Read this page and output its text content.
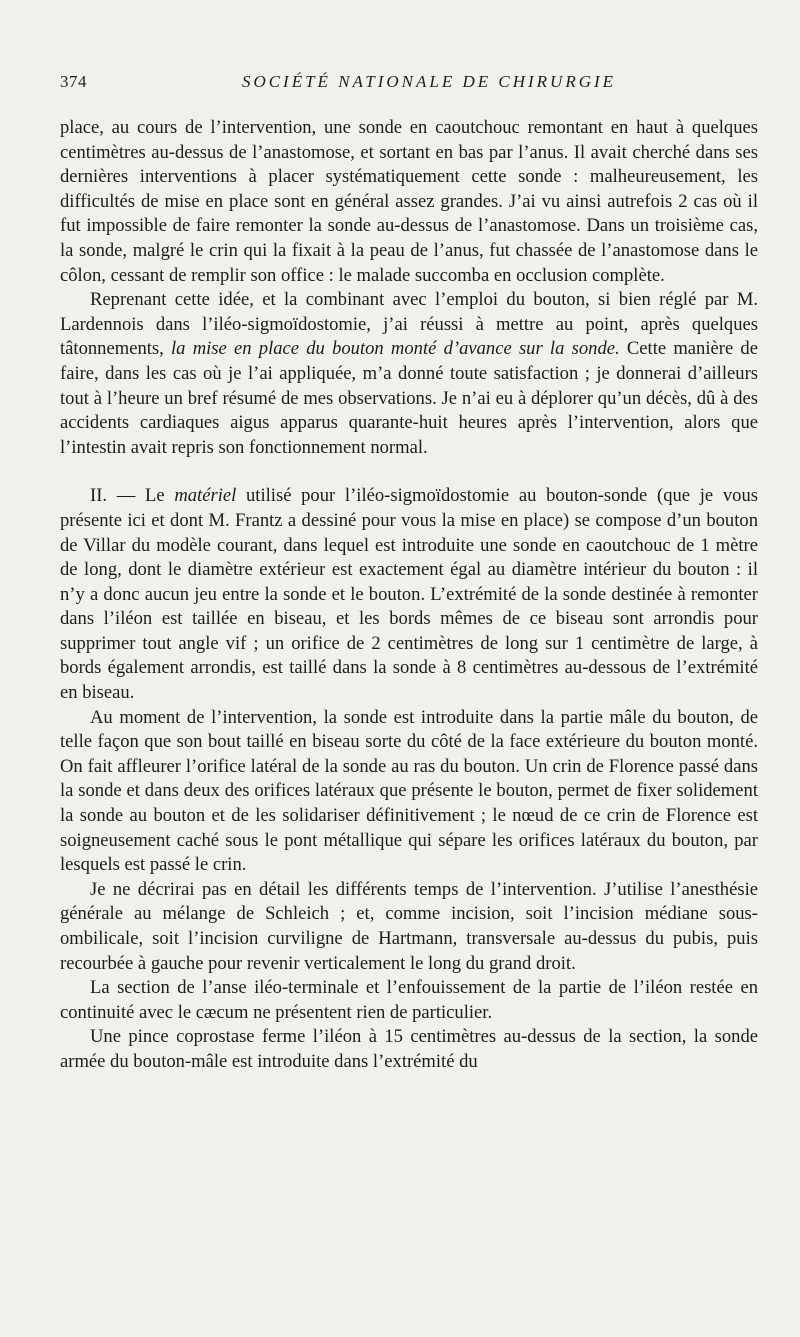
374	SOCIÉTÉ NATIONALE DE CHIRURGIE

place, au cours de l’intervention, une sonde en caoutchouc remontant en haut à quelques centimètres au-dessus de l’anastomose, et sortant en bas par l’anus. Il avait cherché dans ses dernières interventions à placer systématiquement cette sonde : malheureusement, les difficultés de mise en place sont en général assez grandes. J’ai vu ainsi autrefois 2 cas où il fut impossible de faire remonter la sonde au-dessus de l’anastomose. Dans un troisième cas, la sonde, malgré le crin qui la fixait à la peau de l’anus, fut chassée de l’anastomose dans le côlon, cessant de remplir son office : le malade succomba en occlusion complète.

Reprenant cette idée, et la combinant avec l’emploi du bouton, si bien réglé par M. Lardennois dans l’iléo-sigmoïdostomie, j’ai réussi à mettre au point, après quelques tâtonnements, la mise en place du bouton monté d’avance sur la sonde. Cette manière de faire, dans les cas où je l’ai appliquée, m’a donné toute satisfaction ; je donnerai d’ailleurs tout à l’heure un bref résumé de mes observations. Je n’ai eu à déplorer qu’un décès, dû à des accidents cardiaques aigus apparus quarante-huit heures après l’intervention, alors que l’intestin avait repris son fonctionnement normal.

II. — Le matériel utilisé pour l’iléo-sigmoïdostomie au bouton-sonde (que je vous présente ici et dont M. Frantz a dessiné pour vous la mise en place) se compose d’un bouton de Villar du modèle courant, dans lequel est introduite une sonde en caoutchouc de 1 mètre de long, dont le diamètre extérieur est exactement égal au diamètre intérieur du bouton : il n’y a donc aucun jeu entre la sonde et le bouton. L’extrémité de la sonde destinée à remonter dans l’iléon est taillée en biseau, et les bords mêmes de ce biseau sont arrondis pour supprimer tout angle vif ; un orifice de 2 centimètres de long sur 1 centimètre de large, à bords également arrondis, est taillé dans la sonde à 8 centimètres au-dessous de l’extrémité en biseau.

Au moment de l’intervention, la sonde est introduite dans la partie mâle du bouton, de telle façon que son bout taillé en biseau sorte du côté de la face extérieure du bouton monté. On fait affleurer l’orifice latéral de la sonde au ras du bouton. Un crin de Florence passé dans la sonde et dans deux des orifices latéraux que présente le bouton, permet de fixer solidement la sonde au bouton et de les solidariser définitivement ; le nœud de ce crin de Florence est soigneusement caché sous le pont métallique qui sépare les orifices latéraux du bouton, par lesquels est passé le crin.

Je ne décrirai pas en détail les différents temps de l’intervention. J’utilise l’anesthésie générale au mélange de Schleich ; et, comme incision, soit l’incision médiane sous-ombilicale, soit l’incision curviligne de Hartmann, transversale au-dessus du pubis, puis recourbée à gauche pour revenir verticalement le long du grand droit.

La section de l’anse iléo-terminale et l’enfouissement de la partie de l’iléon restée en continuité avec le cæcum ne présentent rien de particulier.

Une pince coprostase ferme l’iléon à 15 centimètres au-dessus de la section, la sonde armée du bouton-mâle est introduite dans l’extrémité du
